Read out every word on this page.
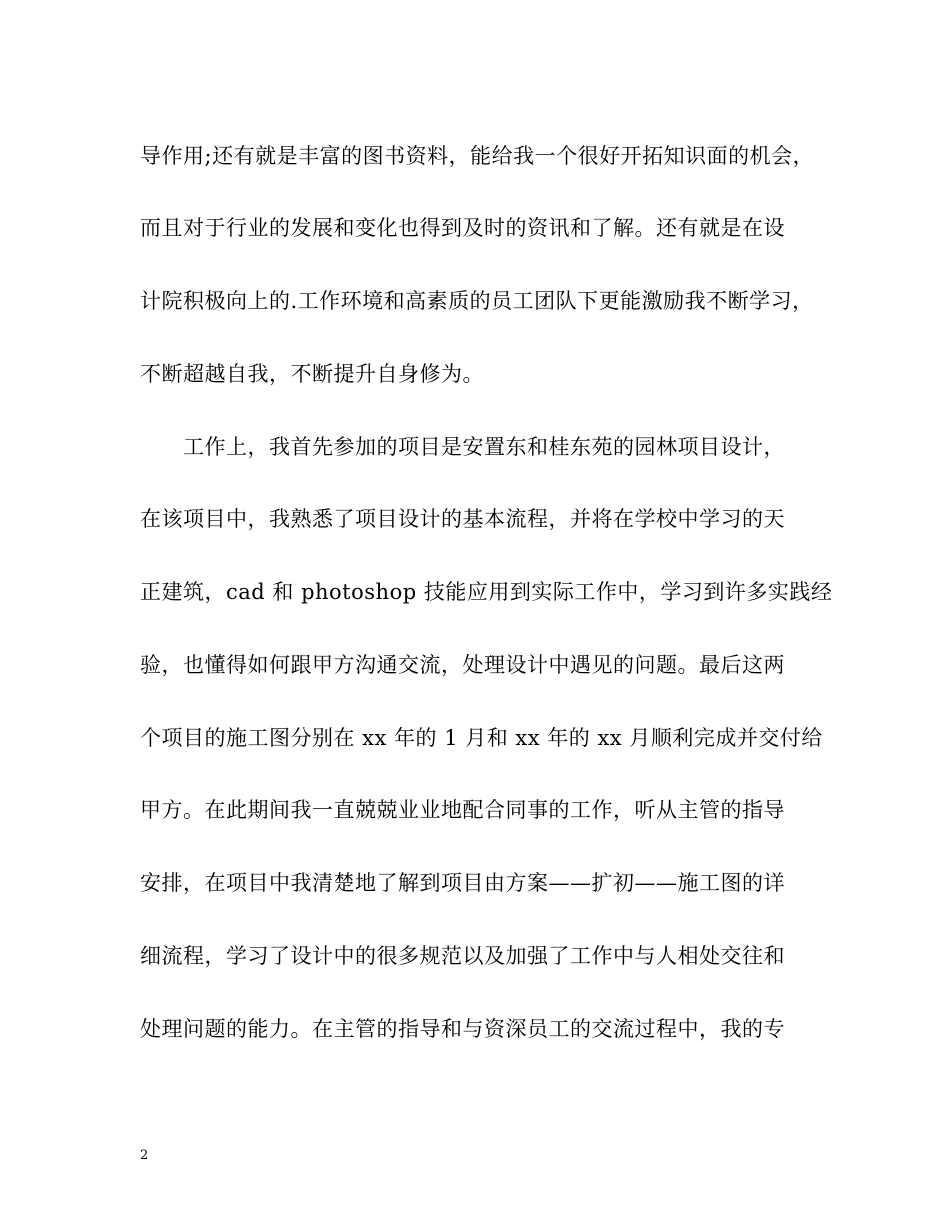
导作用;还有就是丰富的图书资料，能给我一个很好开拓知识面的机会，
而且对于行业的发展和变化也得到及时的资讯和了解。还有就是在设
计院积极向上的.工作环境和高素质的员工团队下更能激励我不断学习，
不断超越自我，不断提升自身修为。
　　工作上，我首先参加的项目是安置东和桂东苑的园林项目设计，
在该项目中，我熟悉了项目设计的基本流程，并将在学校中学习的天
正建筑，cad 和 photoshop 技能应用到实际工作中，学习到许多实践经
验，也懂得如何跟甲方沟通交流，处理设计中遇见的问题。最后这两
个项目的施工图分别在 xx 年的 1 月和 xx 年的 xx 月顺利完成并交付给
甲方。在此期间我一直兢兢业业地配合同事的工作，听从主管的指导
安排，在项目中我清楚地了解到项目由方案——扩初——施工图的详
细流程，学习了设计中的很多规范以及加强了工作中与人相处交往和
处理问题的能力。在主管的指导和与资深员工的交流过程中，我的专
2
